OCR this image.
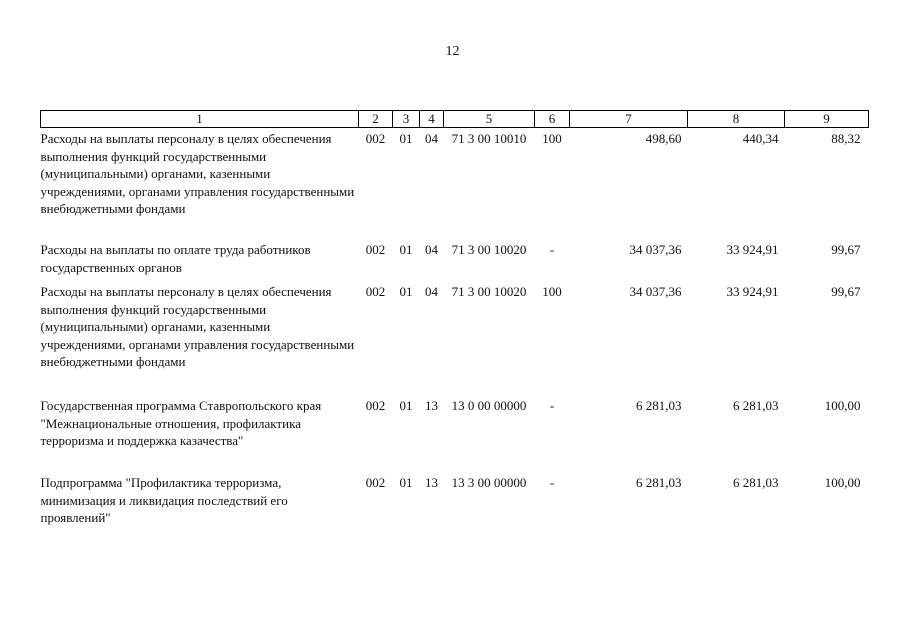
12
1	2	3	4	5	6	7	8	9
Расходы на выплаты персоналу в целях обеспечения выполнения функций государственными (муниципальными) органами, казенными учреждениями, органами управления государственными внебюджетными фондами	002	01	04	71 3 00 10010	100	498,60	440,34	88,32
Расходы на выплаты по оплате труда работников государственных органов	002	01	04	71 3 00 10020	-	34 037,36	33 924,91	99,67
Расходы на выплаты персоналу в целях обеспечения выполнения функций государственными (муниципальными) органами, казенными учреждениями, органами управления государственными внебюджетными фондами	002	01	04	71 3 00 10020	100	34 037,36	33 924,91	99,67
Государственная программа Ставропольского края "Межнациональные отношения, профилактика терроризма и поддержка казачества"	002	01	13	13 0 00 00000	-	6 281,03	6 281,03	100,00
Подпрограмма "Профилактика терроризма, минимизация и ликвидация последствий его проявлений"	002	01	13	13 3 00 00000	-	6 281,03	6 281,03	100,00
